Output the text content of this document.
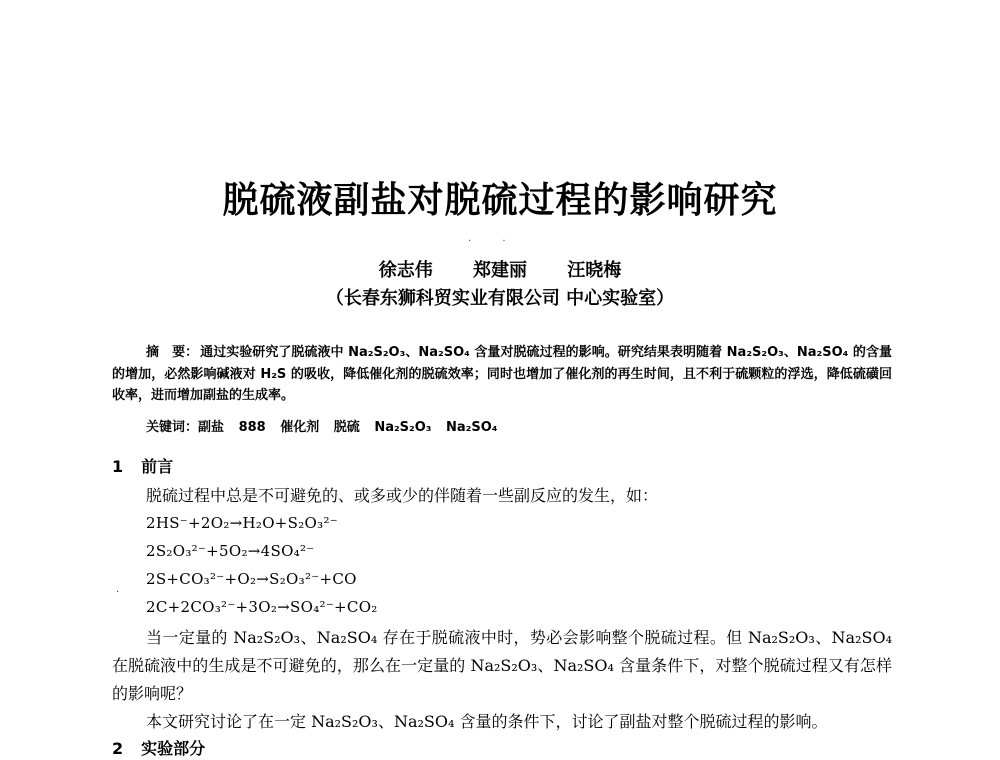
脱硫液副盐对脱硫过程的影响研究
· ·
徐志伟 郑建丽 汪晓梅
（长春东狮科贸实业有限公司 中心实验室）
摘　要： 通过实验研究了脱硫液中 Na₂S₂O₃、Na₂SO₄ 含量对脱硫过程的影响。研究结果表明随着 Na₂S₂O₃、Na₂SO₄ 的含量的增加，必然影响碱液对 H₂S 的吸收，降低催化剂的脱硫效率；同时也增加了催化剂的再生时间，且不利于硫颗粒的浮选，降低硫磺回收率，进而增加副盐的生成率。
关键词：副盐 888 催化剂 脱硫 Na₂S₂O₃ Na₂SO₄
1 前言
脱硫过程中总是不可避免的、或多或少的伴随着一些副反应的发生，如：
2HS⁻+2O₂→H₂O+S₂O₃²⁻
2S₂O₃²⁻+5O₂→4SO₄²⁻
2S+CO₃²⁻+O₂→S₂O₃²⁻+CO
2C+2CO₃²⁻+3O₂→SO₄²⁻+CO₂
.
当一定量的 Na₂S₂O₃、Na₂SO₄ 存在于脱硫液中时，势必会影响整个脱硫过程。但 Na₂S₂O₃、Na₂SO₄ 在脱硫液中的生成是不可避免的，那么在一定量的 Na₂S₂O₃、Na₂SO₄ 含量条件下，对整个脱硫过程又有怎样的影响呢？
本文研究讨论了在一定 Na₂S₂O₃、Na₂SO₄ 含量的条件下，讨论了副盐对整个脱硫过程的影响。
2 实验部分
